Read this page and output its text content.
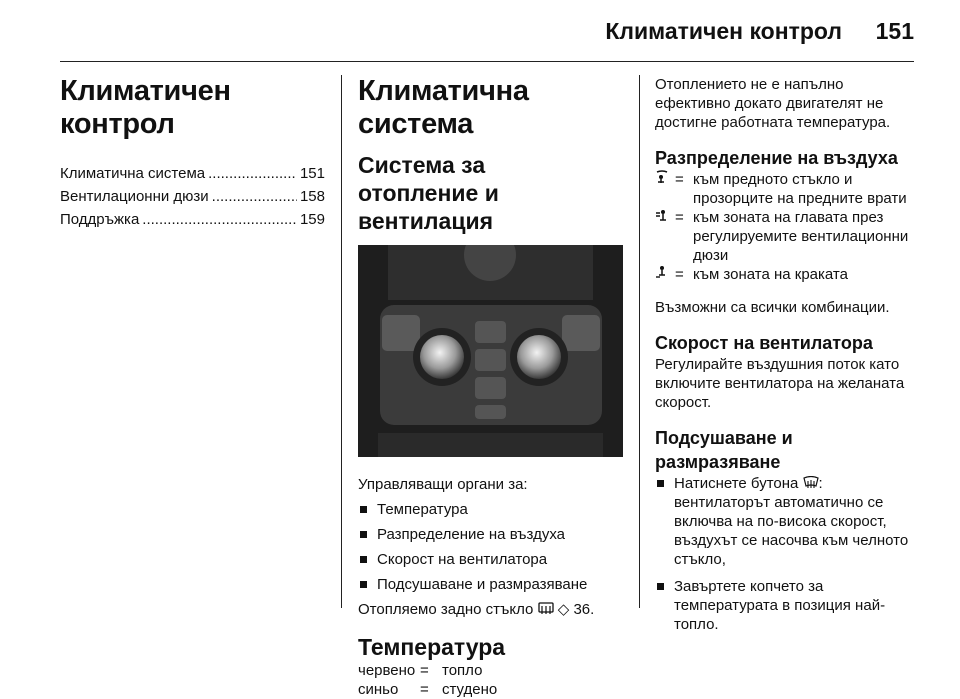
Климатичен контрол 151
Климатичен контрол
Климатична система .....	151
Вентилационни дюзи .....	158
Поддръжка .....	159
Климатична система
Система за отопление и вентилация

Управляващи органи за:

Температура
Разпределение на въздуха
Скорост на вентилатора
Подсушаване и размразяване

Отопляемо задно стъкло ◇ 36.

Температура
червено = топло
синьо	= студено

Отоплението не е напълно ефективно докато двигателят не достигне работната температура.

Разпределение на въздуха
= към предното стъкло и прозорците на предните врати
= към зоната на главата през регулируемите вентилационни дюзи
= към зоната на краката

Възможни са всички комбинации.

Скорост на вентилатора

Регулирайте въздушния поток като включите вентилатора на желаната скорост.

Подсушаване и размразяване
Натиснете бутона : вентилаторът автоматично се включва на по-висока скорост, въздухът се насочва към челното стъкло,
Завъртете копчето за температурата в позиция най-топло.
